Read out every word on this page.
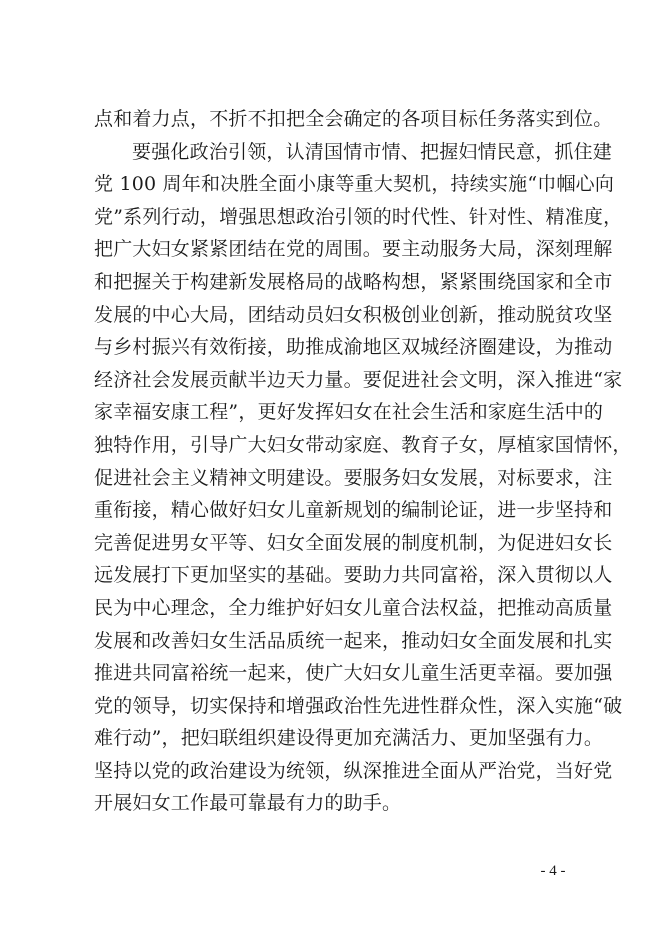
点和着力点，不折不扣把全会确定的各项目标任务落实到位。
要强化政治引领，认清国情市情、把握妇情民意，抓住建
党 100 周年和决胜全面小康等重大契机，持续实施“巾帼心向
党”系列行动，增强思想政治引领的时代性、针对性、精准度，
把广大妇女紧紧团结在党的周围。要主动服务大局，深刻理解
和把握关于构建新发展格局的战略构想，紧紧围绕国家和全市
发展的中心大局，团结动员妇女积极创业创新，推动脱贫攻坚
与乡村振兴有效衔接，助推成渝地区双城经济圈建设，为推动
经济社会发展贡献半边天力量。要促进社会文明，深入推进“家
家幸福安康工程”，更好发挥妇女在社会生活和家庭生活中的
独特作用，引导广大妇女带动家庭、教育子女，厚植家国情怀，
促进社会主义精神文明建设。要服务妇女发展，对标要求，注
重衔接，精心做好妇女儿童新规划的编制论证，进一步坚持和
完善促进男女平等、妇女全面发展的制度机制，为促进妇女长
远发展打下更加坚实的基础。要助力共同富裕，深入贯彻以人
民为中心理念，全力维护好妇女儿童合法权益，把推动高质量
发展和改善妇女生活品质统一起来，推动妇女全面发展和扎实
推进共同富裕统一起来，使广大妇女儿童生活更幸福。要加强
党的领导，切实保持和增强政治性先进性群众性，深入实施“破
难行动”，把妇联组织建设得更加充满活力、更加坚强有力。
坚持以党的政治建设为统领，纵深推进全面从严治党，当好党
开展妇女工作最可靠最有力的助手。
- 4 -
